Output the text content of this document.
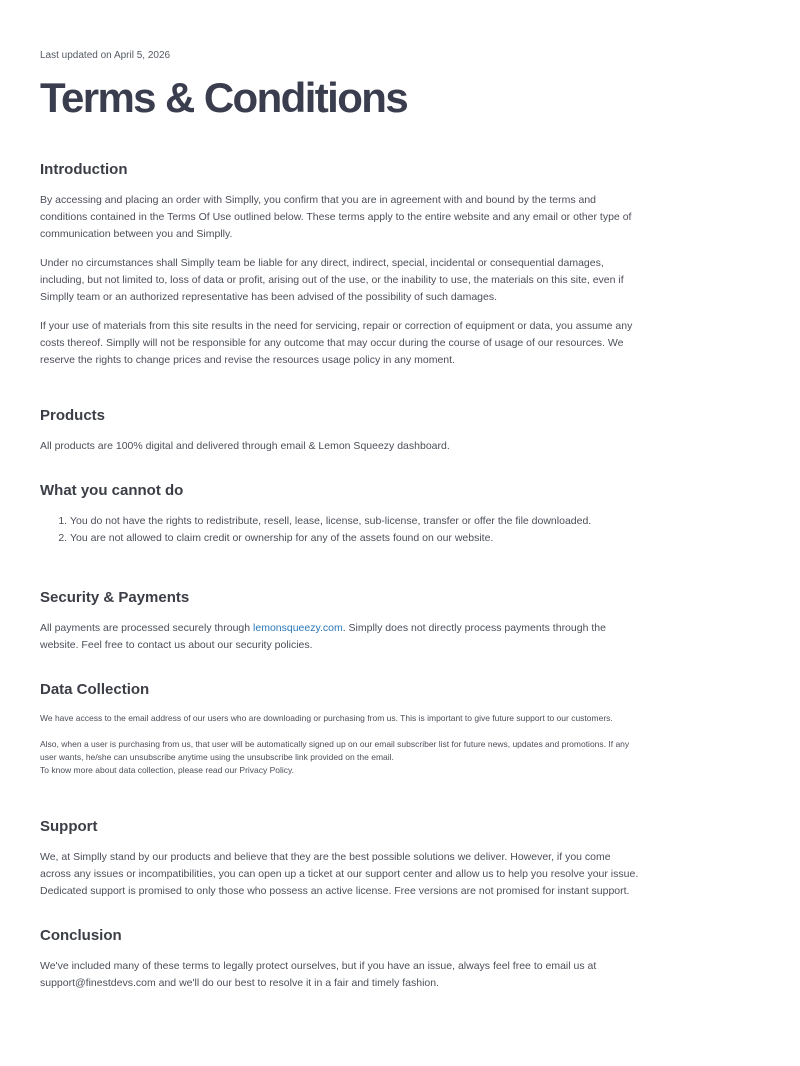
Last updated on April 5, 2026
Terms & Conditions
Introduction

By accessing and placing an order with Simplly, you confirm that you are in agreement with and bound by the terms and conditions contained in the Terms Of Use outlined below. These terms apply to the entire website and any email or other type of communication between you and Simplly.

Under no circumstances shall Simplly team be liable for any direct, indirect, special, incidental or consequential damages, including, but not limited to, loss of data or profit, arising out of the use, or the inability to use, the materials on this site, even if Simplly team or an authorized representative has been advised of the possibility of such damages.

If your use of materials from this site results in the need for servicing, repair or correction of equipment or data, you assume any costs thereof. Simplly will not be responsible for any outcome that may occur during the course of usage of our resources. We reserve the rights to change prices and revise the resources usage policy in any moment.

Products

All products are 100% digital and delivered through email & Lemon Squeezy dashboard.

What you cannot do
1. You do not have the rights to redistribute, resell, lease, license, sub-license, transfer or offer the file downloaded.
2. You are not allowed to claim credit or ownership for any of the assets found on our website.
Security & Payments

All payments are processed securely through lemonsqueezy.com. Simplly does not directly process payments through the website. Feel free to contact us about our security policies.

Data Collection

We have access to the email address of our users who are downloading or purchasing from us. This is important to give future support to our customers.

Also, when a user is purchasing from us, that user will be automatically signed up on our email subscriber list for future news, updates and promotions. If any user wants, he/she can unsubscribe anytime using the unsubscribe link provided on the email.

To know more about data collection, please read our Privacy Policy.

Support

We, at Simplly stand by our products and believe that they are the best possible solutions we deliver. However, if you come across any issues or incompatibilities, you can open up a ticket at our support center and allow us to help you resolve your issue. Dedicated support is promised to only those who possess an active license. Free versions are not promised for instant support.

Conclusion

We've included many of these terms to legally protect ourselves, but if you have an issue, always feel free to email us at support@finestdevs.com and we'll do our best to resolve it in a fair and timely fashion.
